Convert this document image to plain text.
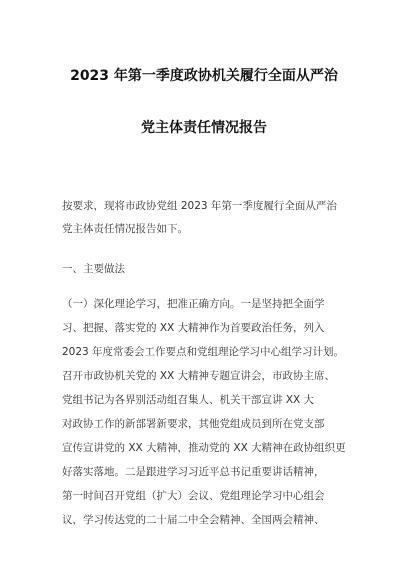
2023 年第一季度政协机关履行全面从严治
党主体责任情况报告
按要求，现将市政协党组 2023 年第一季度履行全面从严治
党主体责任情况报告如下。
一、主要做法
（一）深化理论学习，把准正确方向。一是坚持把全面学
习、把握、落实党的 XX 大精神作为首要政治任务，列入
2023 年度常委会工作要点和党组理论学习中心组学习计划。
召开市政协机关党的 XX 大精神专题宣讲会，市政协主席、
党组书记为各界别活动组召集人、机关干部宣讲 XX 大
对政协工作的新部署新要求，其他党组成员到所在党支部
宣传宣讲党的 XX 大精神，推动党的 XX 大精神在政协组织更
好落实落地。二是跟进学习习近平总书记重要讲话精神，
第一时间召开党组（扩大）会议、党组理论学习中心组会
议，学习传达党的二十届二中全会精神、全国两会精神、
